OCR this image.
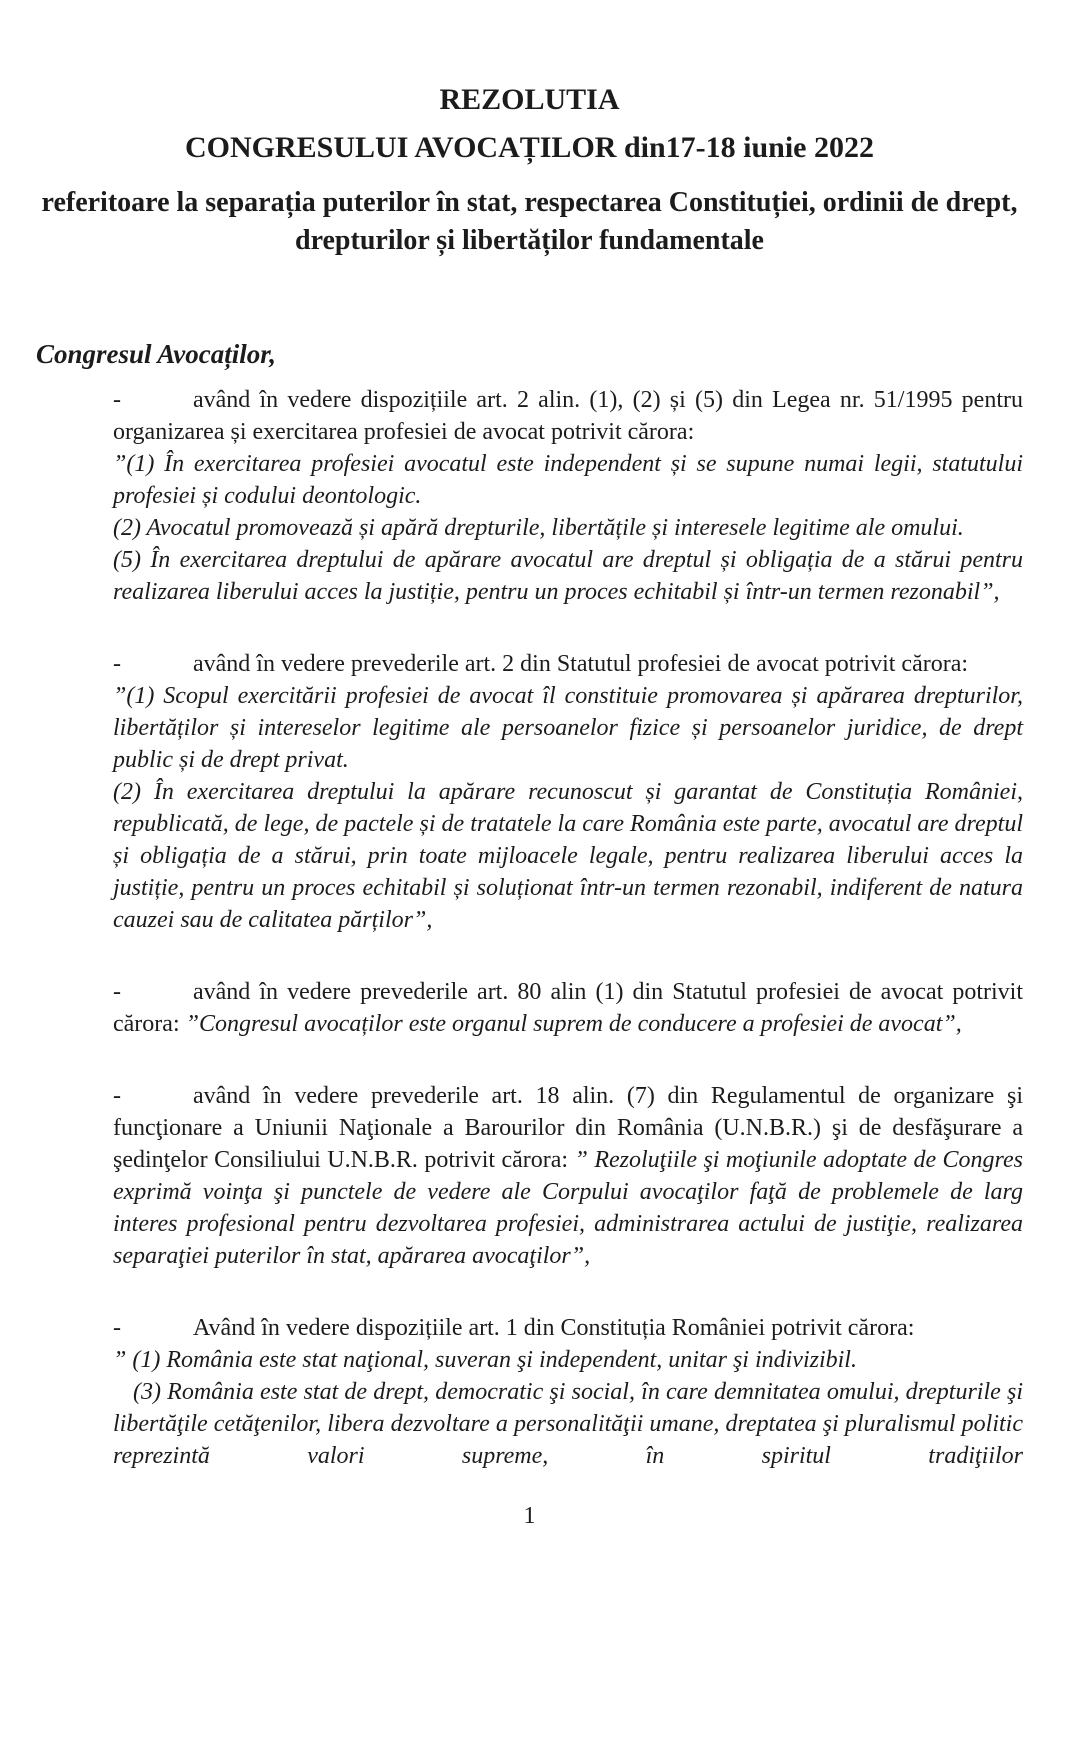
REZOLUTIA

CONGRESULUI AVOCAȚILOR din17-18 iunie 2022

referitoare la separația puterilor în stat, respectarea Constituției, ordinii de drept, drepturilor și libertăților fundamentale

Congresul Avocaților,

-	având în vedere dispozițiile art. 2 alin. (1), (2) și (5) din Legea nr. 51/1995 pentru organizarea și exercitarea profesiei de avocat potrivit cărora:

”(1) În exercitarea profesiei avocatul este independent și se supune numai legii, statutului profesiei și codului deontologic.

(2) Avocatul promovează și apără drepturile, libertățile și interesele legitime ale omului.

(5) În exercitarea dreptului de apărare avocatul are dreptul și obligația de a stărui pentru realizarea liberului acces la justiție, pentru un proces echitabil și într-un termen rezonabil”,

-	având în vedere prevederile art. 2 din Statutul profesiei de avocat potrivit cărora:

”(1) Scopul exercitării profesiei de avocat îl constituie promovarea și apărarea drepturilor, libertăților și intereselor legitime ale persoanelor fizice și persoanelor juridice, de drept public și de drept privat.

(2) În exercitarea dreptului la apărare recunoscut și garantat de Constituția României, republicată, de lege, de pactele și de tratatele la care România este parte, avocatul are dreptul și obligația de a stărui, prin toate mijloacele legale, pentru realizarea liberului acces la justiție, pentru un proces echitabil și soluționat într-un termen rezonabil, indiferent de natura cauzei sau de calitatea părților”,

-	având în vedere prevederile art. 80 alin (1) din Statutul profesiei de avocat potrivit cărora: ”Congresul avocaților este organul suprem de conducere a profesiei de avocat”,

-	având în vedere prevederile art. 18 alin. (7) din Regulamentul de organizare şi funcţionare a Uniunii Naţionale a Barourilor din România (U.N.B.R.) şi de desfăşurare a şedinţelor Consiliului U.N.B.R. potrivit cărora: ” Rezoluţiile şi moţiunile adoptate de Congres exprimă voinţa şi punctele de vedere ale Corpului avocaţilor faţă de problemele de larg interes profesional pentru dezvoltarea profesiei, administrarea actului de justiţie, realizarea separaţiei puterilor în stat, apărarea avocaţilor”,

-	Având în vedere dispozițiile art. 1 din Constituția României potrivit cărora:

” (1) România este stat naţional, suveran şi independent, unitar şi indivizibil.

(3) România este stat de drept, democratic şi social, în care demnitatea omului, drepturile şi libertăţile cetăţenilor, libera dezvoltare a personalităţii umane, dreptatea şi pluralismul politic reprezintă valori supreme, în spiritul tradiţiilor

1
